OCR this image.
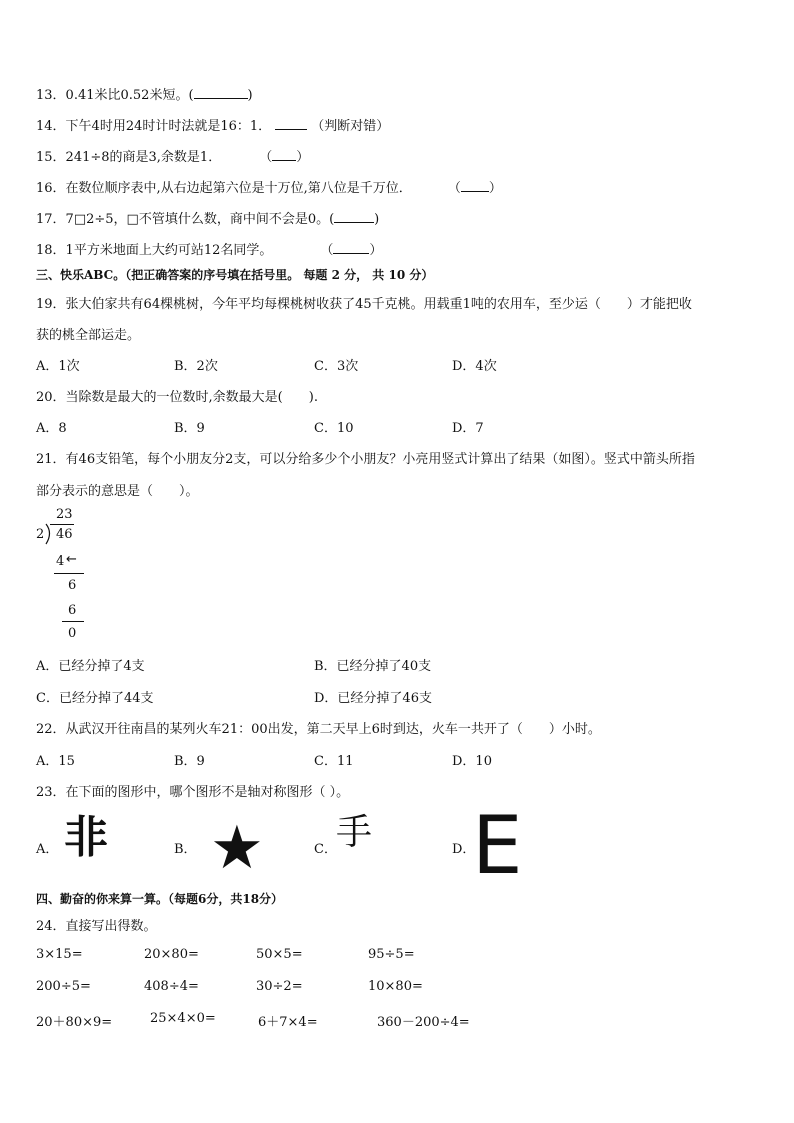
13．0.41米比0.52米短。(	)
14．下午4时用24时计时法就是16：1．	（判断对错）
15．241÷8的商是3,余数是1．	（ ）
16．在数位顺序表中,从右边起第六位是十万位,第八位是千万位．	（ ）
17．7□2÷5，□不管填什么数，商中间不会是0。(	)
18．1平方米地面上大约可站12名同学。	（	）
三、快乐ABC。（把正确答案的序号填在括号里。 每题 2 分， 共 10 分）
19．张大伯家共有64棵桃树，今年平均每棵桃树收获了45千克桃。用载重1吨的农用车，至少运（　　）才能把收
获的桃全部运走。
A．1次	B．2次	C．3次	D．4次
20．当除数是最大的一位数时,余数最大是(　　).
A．8	B．9	C．10	D．7
21．有46支铅笔，每个小朋友分2支，可以分给多少个小朋友？小亮用竖式计算出了结果（如图）。竖式中箭头所指
部分表示的意思是（　　）。
23
2 46
4 ←
6
6
0
A．已经分掉了4支	B．已经分掉了40支
C．已经分掉了44支	D．已经分掉了46支
22．从武汉开往南昌的某列火车21：00出发，第二天早上6时到达，火车一共开了（　　）小时。
A．15	B．9	C．11	D．10
23．在下面的图形中，哪个图形不是轴对称图形（ ）。
A． 非	B． ★	C． 手	D．
E
四、勤奋的你来算一算。（每题6分，共18分）
24．直接写出得数。
3×15=	20×80=	50×5=	95÷5=
200÷5=	408÷4=	30÷2=	10×80=
20＋80×9=	25×4×0=	6＋7×4=	360－200÷4=
